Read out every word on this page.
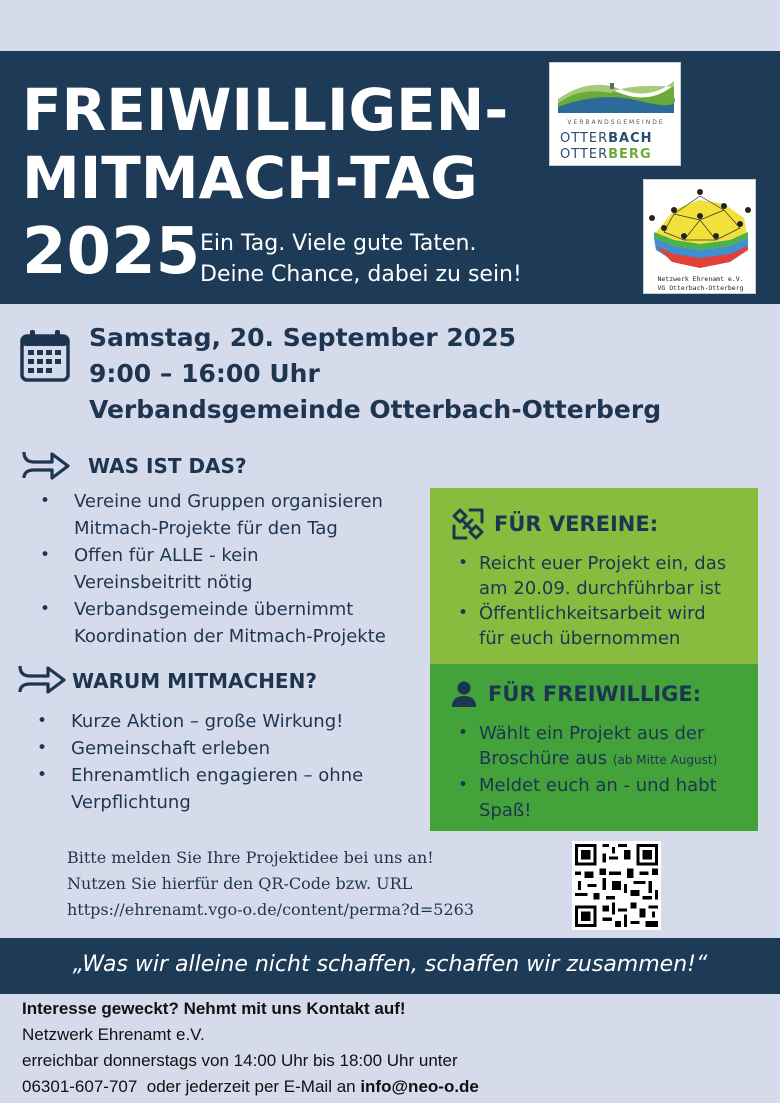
FREIWILLIGEN-
MITMACH-TAG
2025 Ein Tag. Viele gute Taten.
Deine Chance, dabei zu sein!
VERBANDSGEMEINDE
OTTERBACH
OTTERBERG
Netzwerk Ehrenamt e.V.
VG Otterbach-Otterberg
Samstag, 20. September 2025
9:00 – 16:00 Uhr
Verbandsgemeinde Otterbach-Otterberg
WAS IST DAS?
• Vereine und Gruppen organisieren
Mitmach-Projekte für den Tag
• Offen für ALLE - kein
Vereinsbeitritt nötig
• Verbandsgemeinde übernimmt
Koordination der Mitmach-Projekte
WARUM MITMACHEN?
• Kurze Aktion – große Wirkung!
• Gemeinschaft erleben
• Ehrenamtlich engagieren – ohne
Verpflichtung
FÜR VEREINE:
• Reicht euer Projekt ein, das
am 20.09. durchführbar ist
• Öffentlichkeitsarbeit wird
für euch übernommen
FÜR FREIWILLIGE:
• Wählt ein Projekt aus der
Broschüre aus (ab Mitte August)
• Meldet euch an - und habt
Spaß!
Bitte melden Sie Ihre Projektidee bei uns an!
Nutzen Sie hierfür den QR-Code bzw. URL
https://ehrenamt.vgo-o.de/content/perma?d=5263
„Was wir alleine nicht schaffen, schaffen wir zusammen!“
Interesse geweckt? Nehmt mit uns Kontakt auf!
Netzwerk Ehrenamt e.V.
erreichbar donnerstags von 14:00 Uhr bis 18:00 Uhr unter
06301-607-707  oder jederzeit per E-Mail an info@neo-o.de
